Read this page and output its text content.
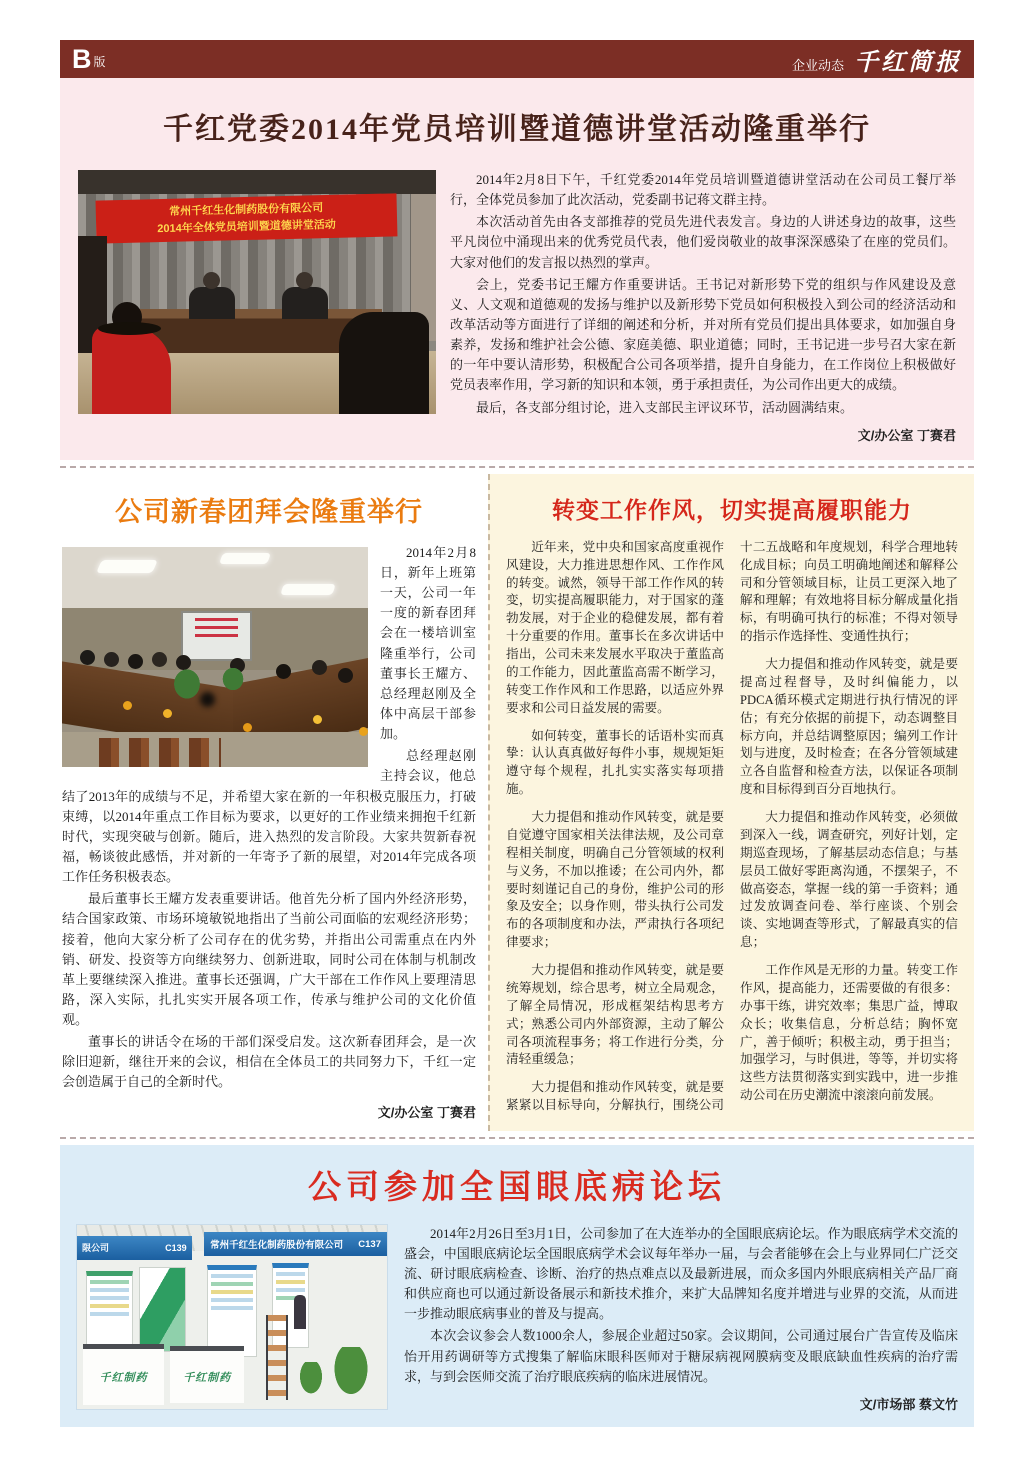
B 版	企业动态 千红简报
千红党委2014年党员培训暨道德讲堂活动隆重举行
常州千红生化制药股份有限公司
2014年全体党员培训暨道德讲堂活动

2014年2月8日下午，千红党委2014年党员培训暨道德讲堂活动在公司员工餐厅举行，全体党员参加了此次活动，党委副书记蒋文群主持。

本次活动首先由各支部推荐的党员先进代表发言。身边的人讲述身边的故事，这些平凡岗位中涌现出来的优秀党员代表，他们爱岗敬业的故事深深感染了在座的党员们。大家对他们的发言报以热烈的掌声。

会上，党委书记王耀方作重要讲话。王书记对新形势下党的组织与作风建设及意义、人文观和道德观的发扬与维护以及新形势下党员如何积极投入到公司的经济活动和改革活动等方面进行了详细的阐述和分析，并对所有党员们提出具体要求，如加强自身素养，发扬和维护社会公德、家庭美德、职业道德；同时，王书记进一步号召大家在新的一年中要认清形势，积极配合公司各项举措，提升自身能力，在工作岗位上积极做好党员表率作用，学习新的知识和本领，勇于承担责任，为公司作出更大的成绩。

最后，各支部分组讨论，进入支部民主评议环节，活动圆满结束。

文/办公室 丁赛君
公司新春团拜会隆重举行

2014年2月8日，新年上班第一天，公司一年一度的新春团拜会在一楼培训室隆重举行，公司董事长王耀方、总经理赵刚及全体中高层干部参加。

总经理赵刚主持会议，他总结了2013年的成绩与不足，并希望大家在新的一年积极克服压力，打破束缚，以2014年重点工作目标为要求，以更好的工作业绩来拥抱千红新时代，实现突破与创新。随后，进入热烈的发言阶段。大家共贺新春祝福，畅谈彼此感悟，并对新的一年寄予了新的展望，对2014年完成各项工作任务积极表态。

最后董事长王耀方发表重要讲话。他首先分析了国内外经济形势，结合国家政策、市场环境敏锐地指出了当前公司面临的宏观经济形势；接着，他向大家分析了公司存在的优劣势，并指出公司需重点在内外销、研发、投资等方向继续努力、创新进取，同时公司在体制与机制改革上要继续深入推进。董事长还强调，广大干部在工作作风上要理清思路，深入实际，扎扎实实开展各项工作，传承与维护公司的文化价值观。

董事长的讲话令在场的干部们深受启发。这次新春团拜会，是一次除旧迎新，继往开来的会议，相信在全体员工的共同努力下，千红一定会创造属于自己的全新时代。

文/办公室 丁赛君
转变工作作风，切实提高履职能力

近年来，党中央和国家高度重视作风建设，大力推进思想作风、工作作风的转变。诚然，领导干部工作作风的转变，切实提高履职能力，对于国家的蓬勃发展，对于企业的稳健发展，都有着十分重要的作用。董事长在多次讲话中指出，公司未来发展水平取决于董监高的工作能力，因此董监高需不断学习，转变工作作风和工作思路，以适应外界要求和公司日益发展的需要。

如何转变，董事长的话语朴实而真挚：认认真真做好每件小事，规规矩矩遵守每个规程，扎扎实实落实每项措施。

大力提倡和推动作风转变，就是要自觉遵守国家相关法律法规，及公司章程相关制度，明确自己分管领域的权利与义务，不加以推诿；在公司内外，都要时刻谨记自己的身份，维护公司的形象及安全；以身作则，带头执行公司发布的各项制度和办法，严肃执行各项纪律要求；

大力提倡和推动作风转变，就是要统筹规划，综合思考，树立全局观念，了解全局情况，形成框架结构思考方式；熟悉公司内外部资源，主动了解公司各项流程事务；将工作进行分类，分清轻重缓急；

大力提倡和推动作风转变，就是要紧紧以目标导向，分解执行，围绕公司十二五战略和年度规划，科学合理地转化成目标；向员工明确地阐述和解释公司和分管领域目标，让员工更深入地了解和理解；有效地将目标分解成量化指标，有明确可执行的标准；不得对领导的指示作选择性、变通性执行；

大力提倡和推动作风转变，就是要提高过程督导，及时纠偏能力，以PDCA循环模式定期进行执行情况的评估；有充分依据的前提下，动态调整目标方向，并总结调整原因；编列工作计划与进度，及时检查；在各分管领域建立各自监督和检查方法，以保证各项制度和目标得到百分百地执行。

大力提倡和推动作风转变，必须做到深入一线，调查研究，列好计划，定期巡查现场，了解基层动态信息；与基层员工做好零距离沟通，不摆架子，不做高姿态，掌握一线的第一手资料；通过发放调查问卷、举行座谈、个别会谈、实地调查等形式，了解最真实的信息；

工作作风是无形的力量。转变工作作风，提高能力，还需要做的有很多：办事干练，讲究效率；集思广益，博取众长；收集信息，分析总结；胸怀宽广，善于倾听；积极主动，勇于担当；加强学习，与时俱进，等等，并切实将这些方法贯彻落实到实践中，进一步推动公司在历史潮流中滚滚向前发展。

公司参加全国眼底病论坛
限公司	C139 常州千红生化制药股份有限公司 C137
千红制药	千红制药

2014年2月26日至3月1日，公司参加了在大连举办的全国眼底病论坛。作为眼底病学术交流的盛会，中国眼底病论坛全国眼底病学术会议每年举办一届，与会者能够在会上与业界同仁广泛交流、研讨眼底病检查、诊断、治疗的热点难点以及最新进展，而众多国内外眼底病相关产品厂商和供应商也可以通过新设备展示和新技术推介，来扩大品牌知名度并增进与业界的交流，从而进一步推动眼底病事业的普及与提高。

本次会议参会人数1000余人，参展企业超过50家。会议期间，公司通过展台广告宣传及临床怡开用药调研等方式搜集了解临床眼科医师对于糖尿病视网膜病变及眼底缺血性疾病的治疗需求，与到会医师交流了治疗眼底疾病的临床进展情况。

文/市场部 蔡文竹
